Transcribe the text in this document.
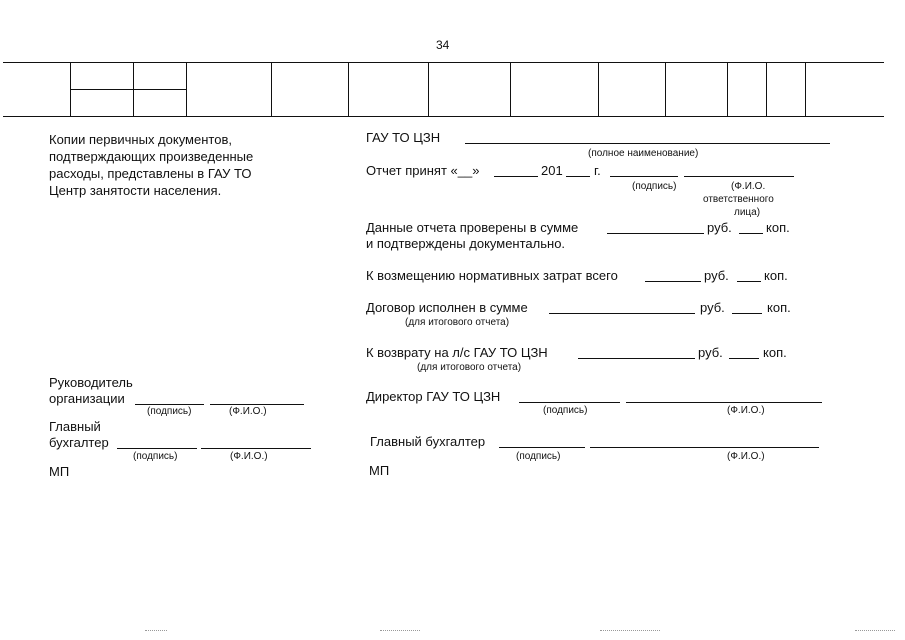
34
Копии первичных документов,
подтверждающих произведенные
расходы, представлены в ГАУ ТО
Центр занятости населения.
Руководитель
организации
(подпись)	(Ф.И.О.)
Главный
бухгалтер
(подпись)	(Ф.И.О.)
МП
ГАУ ТО ЦЗН
(полное наименование)
Отчет принят «__»	201 г.
(подпись)	(Ф.И.О.
ответственного
лица)
Данные отчета проверены в сумме	руб.	коп.
и подтверждены документально.
К возмещению нормативных затрат всего	руб.	коп.
Договор исполнен в сумме	руб.	коп.
(для итогового отчета)
К возврату на л/с ГАУ ТО ЦЗН	руб.	коп.
(для итогового отчета)
Директор ГАУ ТО ЦЗН
(подпись)	(Ф.И.О.)
Главный бухгалтер
(подпись)	(Ф.И.О.)
МП
